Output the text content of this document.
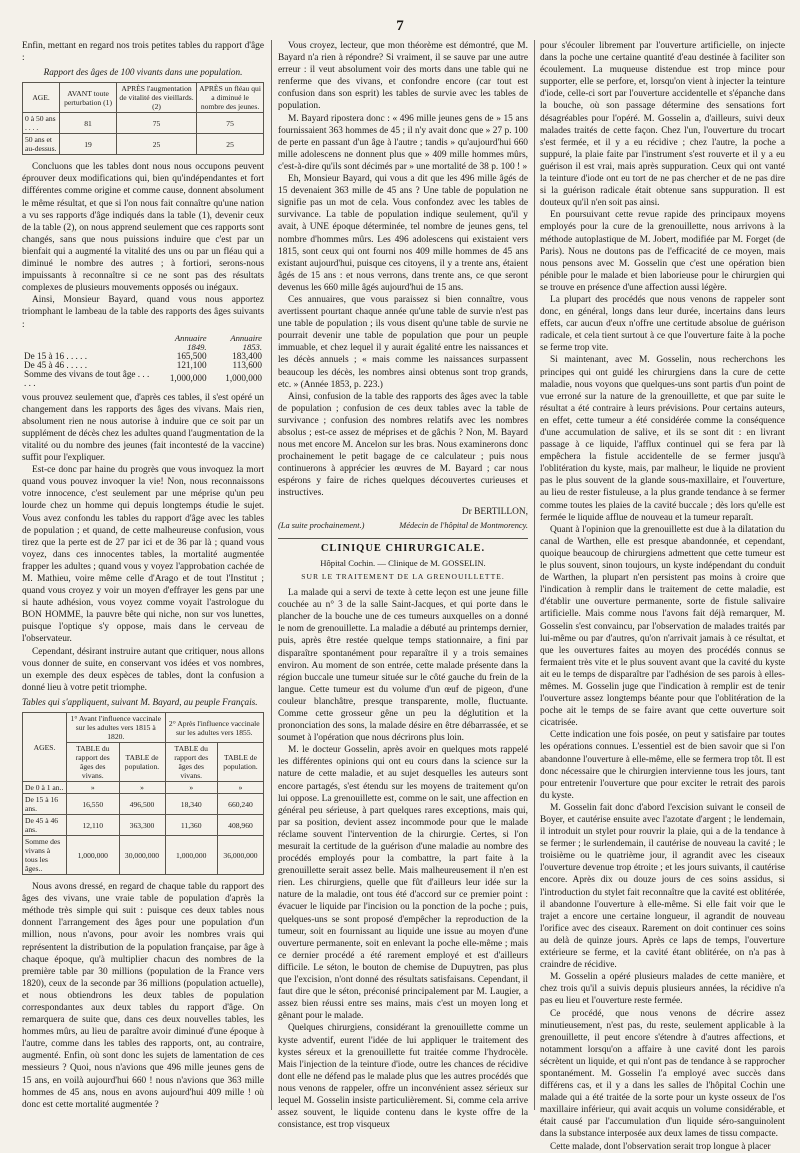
7

Enfin, mettant en regard nos trois petites tables du rapport d'âge :

Rapport des âges de 100 vivants dans une population.
AGE.	AVANT toute perturbation (1)	APRÈS l'augmentation de vitalité des vieillards. (2)	APRÈS un fléau qui a diminué le nombre des jeunes.
0 à 50 ans . . . .	81	75	75
50 ans et au-dessus.	19	25	25

Concluons que les tables dont nous nous occupons peuvent éprouver deux modifications qui, bien qu'indépendantes et fort différentes comme origine et comme cause, donnent absolument le même résultat, et que si l'on nous fait connaître qu'une nation a vu ses rapports d'âge indiqués dans la table (1), devenir ceux de la table (2), on nous apprend seulement que ces rapports sont changés, sans que nous puissions induire que c'est par un bienfait qui a augmenté la vitalité des uns ou par un fléau qui a diminué le nombre des autres ; à fortiori, serons-nous impuissants à reconnaître si ce ne sont pas des résultats complexes de plusieurs mouvements opposés ou inégaux.

Ainsi, Monsieur Bayard, quand vous nous apportez triomphant le lambeau de la table des rapports des âges suivants :

	Annuaire 1849.	Annuaire 1853.
De 15 à 16 . . . . .	165,500	183,400
De 45 à 46 . . . . .	121,100	113,600
Somme des vivans de tout âge . . . . . .	1,000,000	1,000,000

vous prouvez seulement que, d'après ces tables, il s'est opéré un changement dans les rapports des âges des vivans. Mais rien, absolument rien ne nous autorise à induire que ce soit par un supplément de décès chez les adultes quand l'augmentation de la vitalité ou du nombre des jeunes (fait incontesté de la vaccine) suffit pour l'expliquer.

Est-ce donc par haine du progrès que vous invoquez la mort quand vous pouvez invoquer la vie! Non, nous reconnaissons votre innocence, c'est seulement par une méprise qu'un peu lourde chez un homme qui depuis longtemps étudie le sujet. Vous avez confondu les tables du rapport d'âge avec les tables de population ; et quand, de cette malheureuse confusion, vous tirez que la perte est de 27 par ici et de 36 par là ; quand vous voyez, dans ces innocentes tables, la mortalité augmentée frapper les adultes ; quand vous y voyez l'approbation cachée de M. Mathieu, voire même celle d'Arago et de tout l'Institut ; quand vous croyez y voir un moyen d'effrayer les gens par une si haute adhésion, vous voyez comme voyait l'astrologue du BON HOMME, la pauvre bête qui niche, non sur vos lunettes, puisque l'optique s'y oppose, mais dans le cerveau de l'observateur.

Cependant, désirant instruire autant que critiquer, nous allons vous donner de suite, en conservant vos idées et vos nombres, un exemple des deux espèces de tables, dont la confusion a donné lieu à votre petit triomphe.

Tables qui s'appliquent, suivant M. Bayard, au peuple Français.
AGES.	1° Avant l'influence vaccinale sur les adultes vers 1815 à 1820.		2° Après l'influence vaccinale sur les adultes vers 1855.	
	TABLE du rapport des âges des vivans.	TABLE de population.	TABLE du rapport des âges des vivans.	TABLE de population.
De 0 à 1 an..	»	»	»	»
De 15 à 16 ans.	16,550	496,500	18,340	660,240
De 45 à 46 ans.	12,110	363,300	11,360	408,960
Somme des vivans à tous les âges..	1,000,000	30,000,000	1,000,000	36,000,000

Nous avons dressé, en regard de chaque table du rapport des âges des vivans, une vraie table de population d'après la méthode très simple qui suit : puisque ces deux tables nous donnent l'arrangement des âges pour une population d'un million, nous n'avons, pour avoir les nombres vrais qui représentent la distribution de la population française, par âge à chaque époque, qu'à multiplier chacun des nombres de la première table par 30 millions (population de la France vers 1820), ceux de la seconde par 36 millions (population actuelle), et nous obtiendrons les deux tables de population correspondantes aux deux tables du rapport d'âge. On remarquera de suite que, dans ces deux nouvelles tables, les hommes mûrs, au lieu de paraître avoir diminué d'une époque à l'autre, comme dans les tables des rapports, ont, au contraire, augmenté. Enfin, où sont donc les sujets de lamentation de ces messieurs ? Quoi, nous n'avions que 496 mille jeunes gens de 15 ans, en voilà aujourd'hui 660 ! nous n'avions que 363 mille hommes de 45 ans, nous en avons aujourd'hui 409 mille ! où donc est cette mortalité augmentée ?

Vous croyez, lecteur, que mon théorème est démontré, que M. Bayard n'a rien à répondre? Si vraiment, il se sauve par une autre erreur : il veut absolument voir des morts dans une table qui ne renferme que des vivans, et confondre encore (car tout est confusion dans son esprit) les tables de survie avec les tables de population.

M. Bayard ripostera donc : « 496 mille jeunes gens de » 15 ans fournissaient 363 hommes de 45 ; il n'y avait donc que » 27 p. 100 de perte en passant d'un âge à l'autre ; tandis » qu'aujourd'hui 660 mille adolescens ne donnent plus que » 409 mille hommes mûrs, c'est-à-dire qu'ils sont décimés par » une mortalité de 38 p. 100 ! »

Eh, Monsieur Bayard, qui vous a dit que les 496 mille âgés de 15 devenaient 363 mille de 45 ans ? Une table de population ne signifie pas un mot de cela. Vous confondez avec les tables de survivance. La table de population indique seulement, qu'il y avait, à UNE époque déterminée, tel nombre de jeunes gens, tel nombre d'hommes mûrs. Les 496 adolescens qui existaient vers 1815, sont ceux qui ont fourni nos 409 mille hommes de 45 ans existant aujourd'hui, puisque ces citoyens, il y a trente ans, étaient âgés de 15 ans : et nous verrons, dans trente ans, ce que seront devenus les 660 mille âgés aujourd'hui de 15 ans.

Ces annuaires, que vous paraissez si bien connaître, vous avertissent pourtant chaque année qu'une table de survie n'est pas une table de population ; ils vous disent qu'une table de survie ne pourrait devenir une table de population que pour un peuple immuable, et chez lequel il y aurait égalité entre les naissances et les décès annuels ; « mais comme les naissances surpassent beaucoup les décès, les nombres ainsi obtenus sont trop grands, etc. » (Année 1853, p. 223.)

Ainsi, confusion de la table des rapports des âges avec la table de population ; confusion de ces deux tables avec la table de survivance ; confusion des nombres relatifs avec les nombres absolus ; est-ce assez de méprises et de gâchis ? Non, M. Bayard nous met encore M. Ancelon sur les bras. Nous examinerons donc prochainement le petit bagage de ce calculateur ; puis nous continuerons à apprécier les œuvres de M. Bayard ; car nous espérons y faire de riches quelques découvertes curieuses et instructives.

Dr BERTILLON,
(La suite prochainement.)	Médecin de l'hôpital de Montmorency.
CLINIQUE CHIRURGICALE.
Hôpital Cochin. — Clinique de M. GOSSELIN.
SUR LE TRAITEMENT DE LA GRENOUILLETTE.

La malade qui a servi de texte à cette leçon est une jeune fille couchée au n° 3 de la salle Saint-Jacques, et qui porte dans le plancher de la bouche une de ces tumeurs auxquelles on a donné le nom de grenouillette. La maladie a débuté au printemps dernier, puis, après être restée quelque temps stationnaire, a fini par disparaître spontanément pour reparaître il y a trois semaines environ. Au moment de son entrée, cette malade présente dans la région buccale une tumeur située sur le côté gauche du frein de la langue. Cette tumeur est du volume d'un œuf de pigeon, d'une couleur blanchâtre, presque transparente, molle, fluctuante. Comme cette grosseur gêne un peu la déglutition et la prononciation des sons, la malade désire en être débarrassée, et se soumet à l'opération que nous décrirons plus loin.

M. le docteur Gosselin, après avoir en quelques mots rappelé les différentes opinions qui ont eu cours dans la science sur la nature de cette maladie, et au sujet desquelles les auteurs sont encore partagés, s'est étendu sur les moyens de traitement qu'on lui oppose. La grenouillette est, comme on le sait, une affection en général peu sérieuse, à part quelques rares exceptions, mais qui, par sa position, devient assez incommode pour que le malade réclame souvent l'intervention de la chirurgie. Certes, si l'on mesurait la certitude de la guérison d'une maladie au nombre des procédés employés pour la combattre, la part faite à la grenouillette serait assez belle. Mais malheureusement il n'en est rien. Les chirurgiens, quelle que fût d'ailleurs leur idée sur la nature de la maladie, ont tous été d'accord sur ce premier point : évacuer le liquide par l'incision ou la ponction de la poche ; puis, quelques-uns se sont proposé d'empêcher la reproduction de la tumeur, soit en fournissant au liquide une issue au moyen d'une ouverture permanente, soit en enlevant la poche elle-même ; mais ce dernier procédé a été rarement employé et est d'ailleurs difficile. Le séton, le bouton de chemise de Dupuytren, pas plus que l'excision, n'ont donné des résultats satisfaisans. Cependant, il faut dire que le séton, préconisé principalement par M. Laugier, a assez bien réussi entre ses mains, mais c'est un moyen long et gênant pour le malade.

Quelques chirurgiens, considérant la grenouillette comme un kyste adventif, eurent l'idée de lui appliquer le traitement des kystes séreux et la grenouillette fut traitée comme l'hydrocèle. Mais l'injection de la teinture d'iode, outre les chances de récidive dont elle ne défend pas le malade plus que les autres procédés que nous venons de rappeler, offre un inconvénient assez sérieux sur lequel M. Gosselin insiste particulièrement. Si, comme cela arrive assez souvent, le liquide contenu dans le kyste offre de la consistance, est trop visqueux

pour s'écouler librement par l'ouverture artificielle, on injecte dans la poche une certaine quantité d'eau destinée à faciliter son écoulement. La muqueuse distendue est trop mince pour supporter, elle se perfore, et, lorsqu'on vient à injecter la teinture d'iode, celle-ci sort par l'ouverture accidentelle et s'épanche dans la bouche, où son passage détermine des sensations fort désagréables pour l'opéré. M. Gosselin a, d'ailleurs, suivi deux malades traités de cette façon. Chez l'un, l'ouverture du trocart s'est fermée, et il y a eu récidive ; chez l'autre, la poche a suppuré, la plaie faite par l'instrument s'est rouverte et il y a eu guérison il est vrai, mais après suppuration. Ceux qui ont vanté la teinture d'iode ont eu tort de ne pas chercher et de ne pas dire si la guérison radicale était obtenue sans suppuration. Il est douteux qu'il n'en soit pas ainsi.

En poursuivant cette revue rapide des principaux moyens employés pour la cure de la grenouillette, nous arrivons à la méthode autoplastique de M. Jobert, modifiée par M. Forget (de Paris). Nous ne doutons pas de l'efficacité de ce moyen, mais nous pensons avec M. Gosselin que c'est une opération bien pénible pour le malade et bien laborieuse pour le chirurgien qui se trouve en présence d'une affection aussi légère.

La plupart des procédés que nous venons de rappeler sont donc, en général, longs dans leur durée, incertains dans leurs effets, car aucun d'eux n'offre une certitude absolue de guérison radicale, et cela tient surtout à ce que l'ouverture faite à la poche se ferme trop vite.

Si maintenant, avec M. Gosselin, nous recherchons les principes qui ont guidé les chirurgiens dans la cure de cette maladie, nous voyons que quelques-uns sont partis d'un point de vue erroné sur la nature de la grenouillette, et que par suite le résultat a été contraire à leurs prévisions. Pour certains auteurs, en effet, cette tumeur a été considérée comme la conséquence d'une accumulation de salive, et ils se sont dit : en livrant passage à ce liquide, l'afflux continuel qui se fera par là empêchera la fistule accidentelle de se fermer jusqu'à l'oblitération du kyste, mais, par malheur, le liquide ne provient pas le plus souvent de la glande sous-maxillaire, et l'ouverture, au lieu de rester fistuleuse, a la plus grande tendance à se fermer comme toutes les plaies de la cavité buccale ; dès lors qu'elle est fermée le liquide afflue de nouveau et la tumeur reparaît.

Quant à l'opinion que la grenouillette est due à la dilatation du canal de Warthen, elle est presque abandonnée, et cependant, quoique beaucoup de chirurgiens admettent que cette tumeur est le plus souvent, sinon toujours, un kyste indépendant du conduit de Warthen, la plupart n'en persistent pas moins à croire que l'indication à remplir dans le traitement de cette maladie, est d'établir une ouverture permanente, sorte de fistule salivaire artificielle. Mais comme nous l'avons fait déjà remarquer, M. Gosselin s'est convaincu, par l'observation de malades traités par lui-même ou par d'autres, qu'on n'arrivait jamais à ce résultat, et que les ouvertures faites au moyen des procédés connus se fermaient très vite et le plus souvent avant que la cavité du kyste ait eu le temps de disparaître par l'adhésion de ses parois à elles-mêmes. M. Gosselin juge que l'indication à remplir est de tenir l'ouverture assez longtemps béante pour que l'oblitération de la poche ait le temps de se faire avant que cette ouverture soit cicatrisée.

Cette indication une fois posée, on peut y satisfaire par toutes les opérations connues. L'essentiel est de bien savoir que si l'on abandonne l'ouverture à elle-même, elle se fermera trop tôt. Il est donc nécessaire que le chirurgien intervienne tous les jours, tant pour entretenir l'ouverture que pour exciter le retrait des parois du kyste.

M. Gosselin fait donc d'abord l'excision suivant le conseil de Boyer, et cautérise ensuite avec l'azotate d'argent ; le lendemain, il introduit un stylet pour rouvrir la plaie, qui a de la tendance à se fermer ; le surlendemain, il cautérise de nouveau la cavité ; le troisième ou le quatrième jour, il agrandit avec les ciseaux l'ouverture devenue trop étroite ; et les jours suivants, il cautérise encore. Après dix ou douze jours de ces soins assidus, si l'introduction du stylet fait reconnaître que la cavité est oblitérée, il abandonne l'ouverture à elle-même. Si elle fait voir que le trajet a encore une certaine longueur, il agrandit de nouveau l'orifice avec des ciseaux. Rarement on doit continuer ces soins au delà de quinze jours. Après ce laps de temps, l'ouverture extérieure se ferme, et la cavité étant oblitérée, on n'a pas à craindre de récidive.

M. Gosselin a opéré plusieurs malades de cette manière, et chez trois qu'il a suivis depuis plusieurs années, la récidive n'a pas eu lieu et l'ouverture reste fermée.

Ce procédé, que nous venons de décrire assez minutieusement, n'est pas, du reste, seulement applicable à la grenouillette, il peut encore s'étendre à d'autres affections, et notamment lorsqu'on a affaire à une cavité dont les parois sécrètent un liquide, et qui n'ont pas de tendance à se rapprocher spontanément. M. Gosselin l'a employé avec succès dans différens cas, et il y a dans les salles de l'hôpital Cochin une malade qui a été traitée de la sorte pour un kyste osseux de l'os maxillaire inférieur, qui avait acquis un volume considérable, et était causé par l'accumulation d'un liquide séro-sanguinolent dans la substance interposée aux deux lames de tissu compacte.

Cette malade, dont l'observation serait trop longue à placer
